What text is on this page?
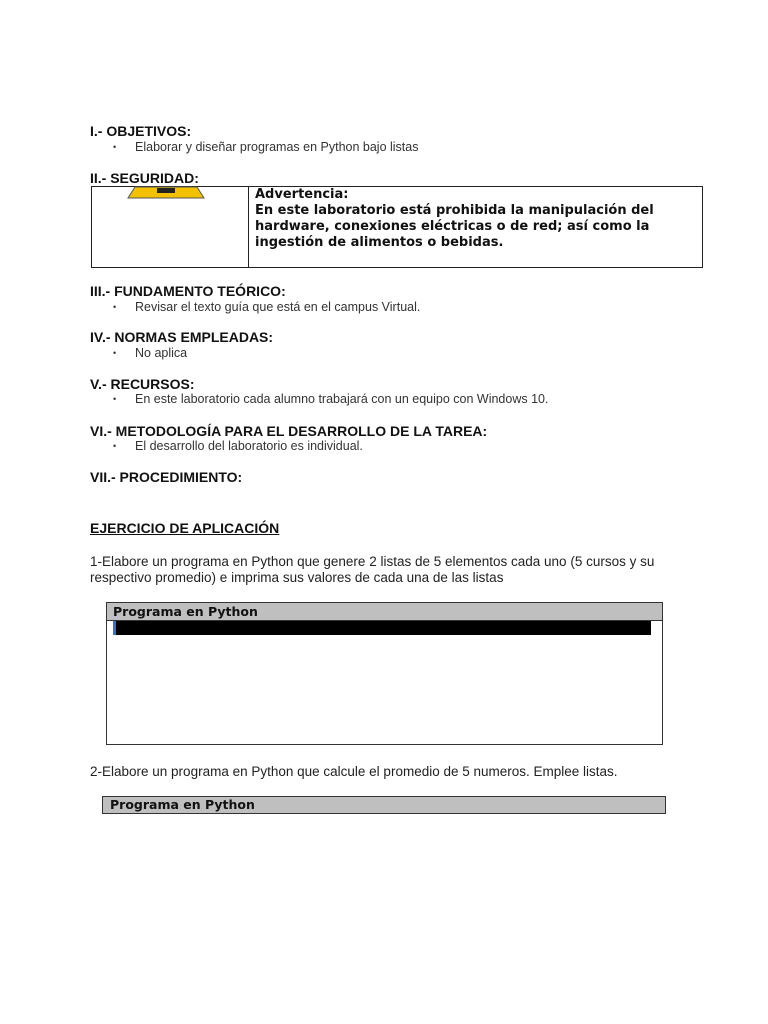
I.- OBJETIVOS:
• Elaborar y diseñar programas en Python bajo listas
II.- SEGURIDAD:
Advertencia:
En este laboratorio está prohibida la manipulación del hardware, conexiones eléctricas o de red; así como la ingestión de alimentos o bebidas.
III.- FUNDAMENTO TEÓRICO:
• Revisar el texto guía que está en el campus Virtual.
IV.- NORMAS EMPLEADAS:
• No aplica
V.- RECURSOS:
• En este laboratorio cada alumno trabajará con un equipo con Windows 10.
VI.- METODOLOGÍA PARA EL DESARROLLO DE LA TAREA:
• El desarrollo del laboratorio es individual.
VII.- PROCEDIMIENTO:
EJERCICIO DE APLICACIÓN
1-Elabore un programa en Python que genere 2 listas de 5 elementos cada uno (5 cursos y su respectivo promedio) e imprima sus valores de cada una de las listas
Programa en Python
2-Elabore un programa en Python que calcule el promedio de 5 numeros. Emplee listas.
Programa en Python
